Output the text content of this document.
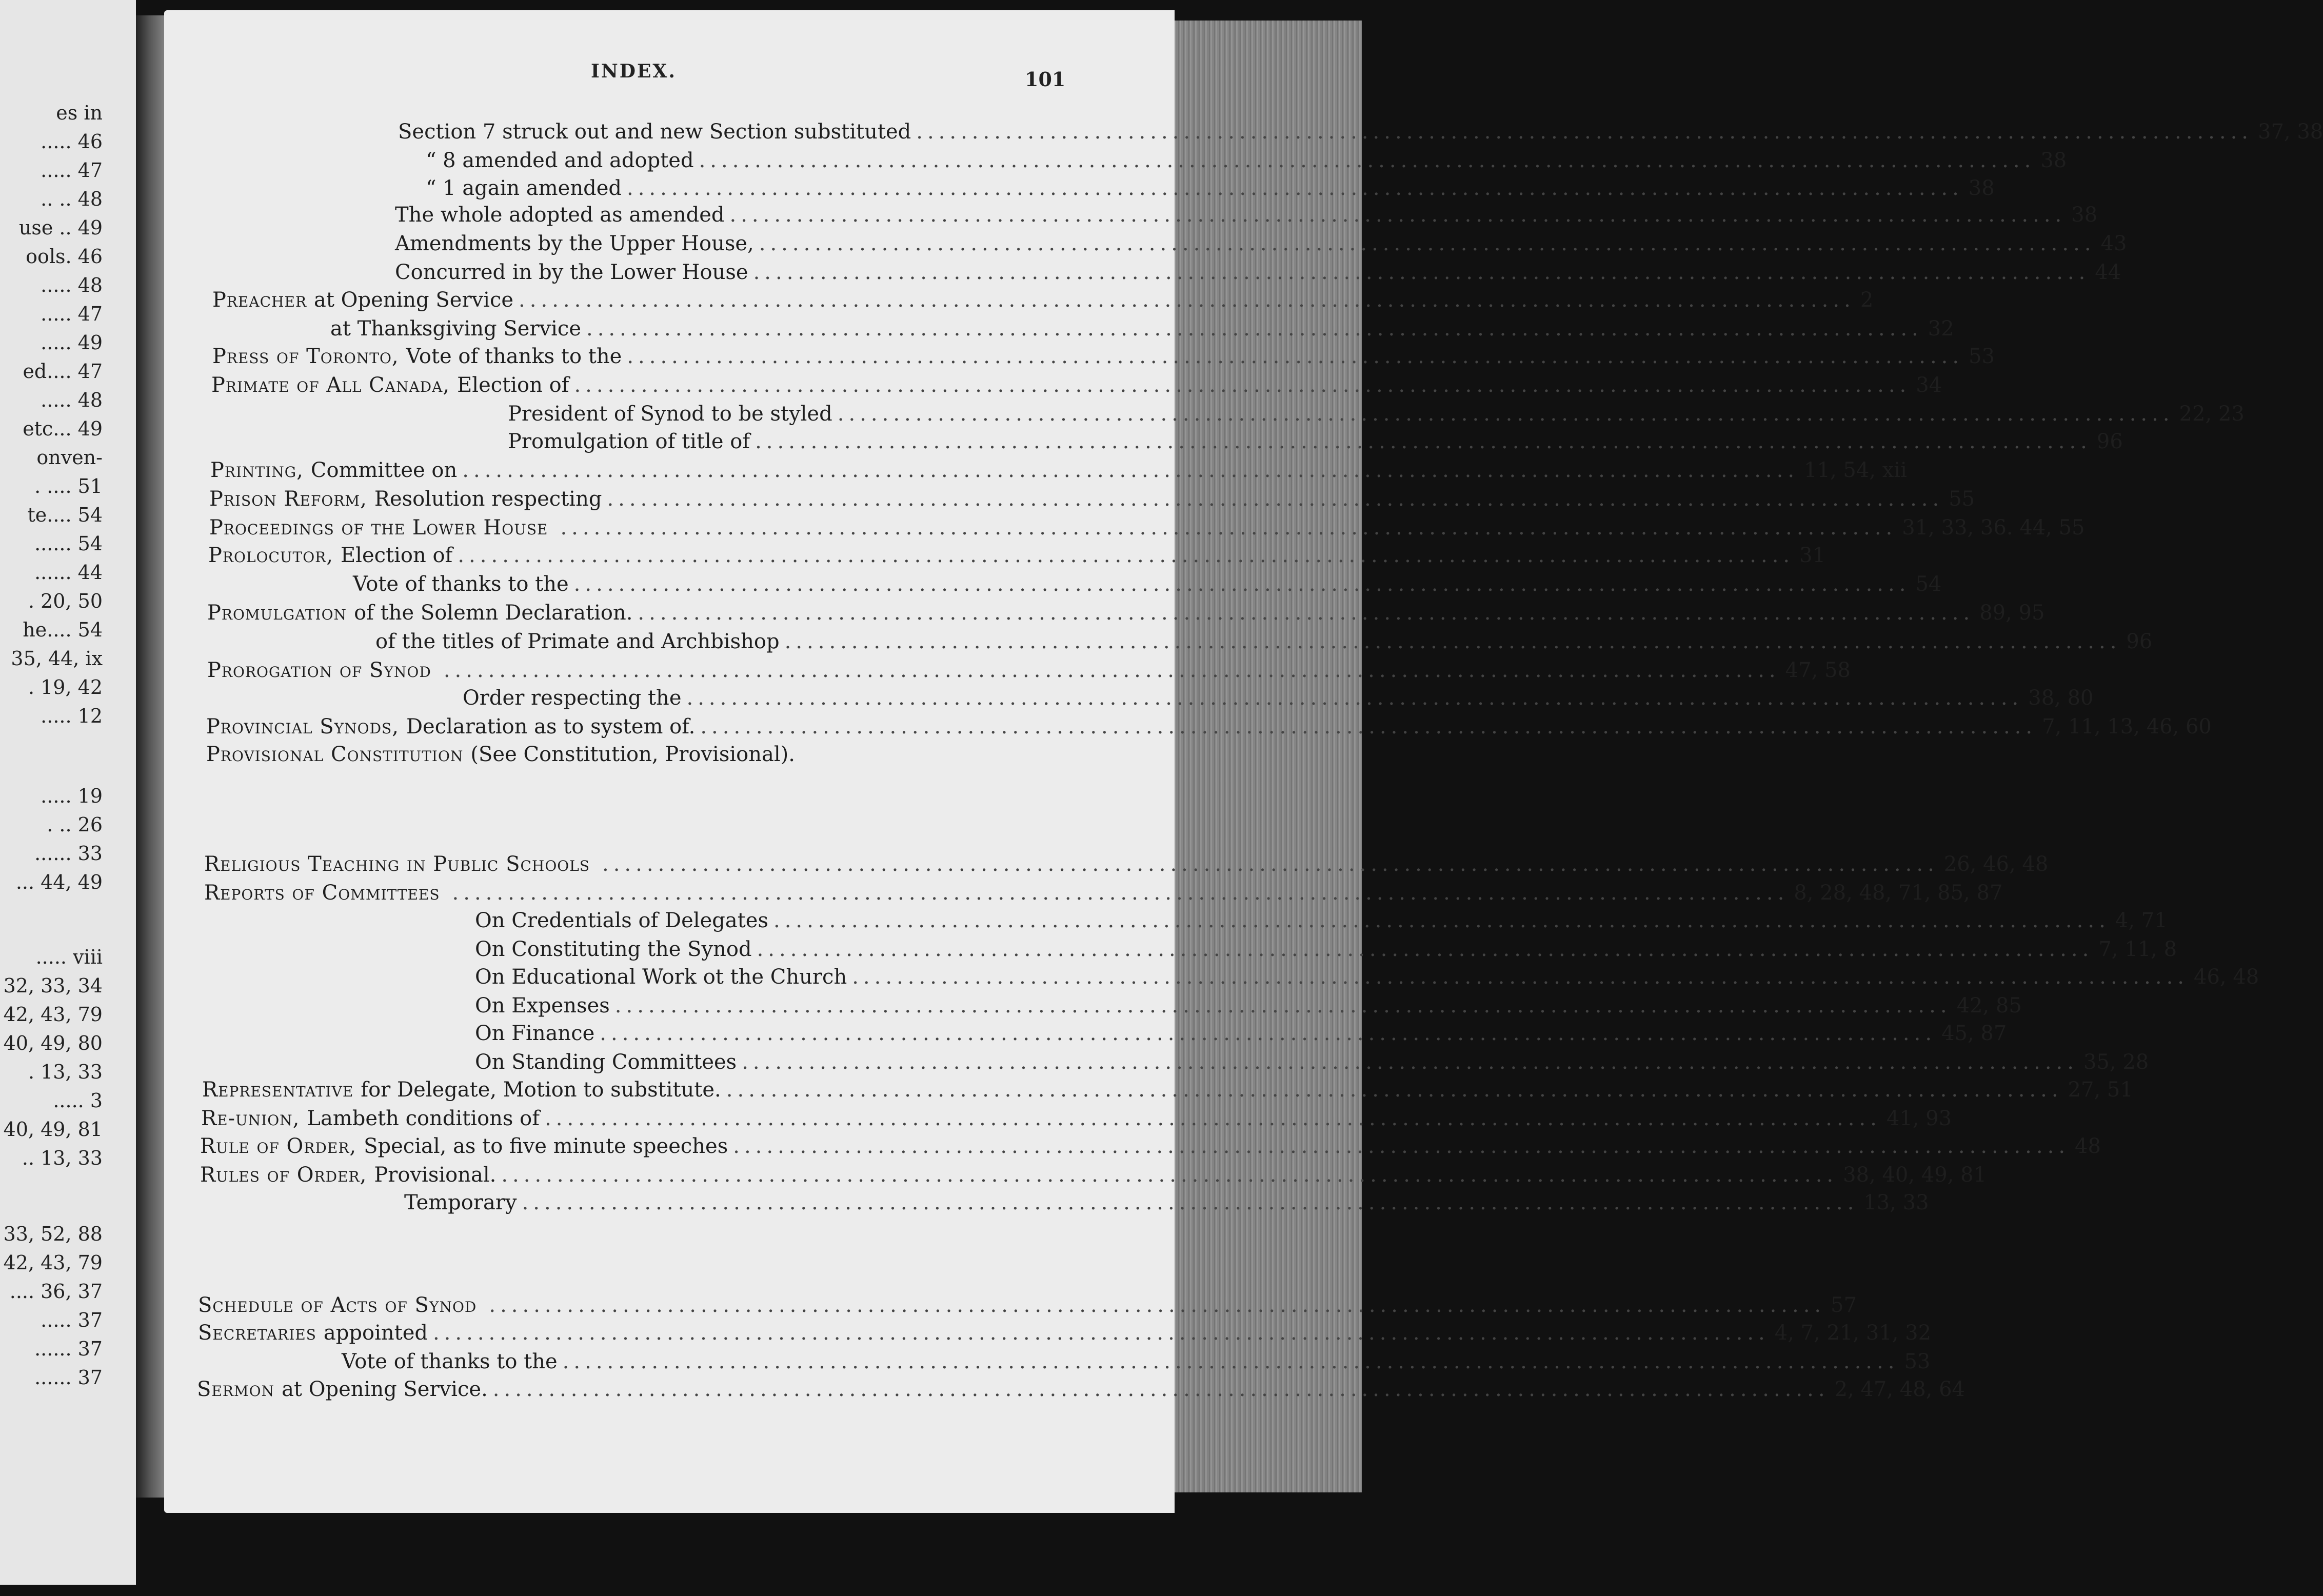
es in
..... 46
..... 47
.. .. 48
use .. 49
ools. 46
..... 48
..... 47
..... 49
ed.... 47
..... 48
etc... 49
onven-
. .... 51
te.... 54
...... 54
...... 44
. 20, 50
he.... 54
35, 44, ix
. 19, 42
..... 12
..... 19
. .. 26
...... 33
... 44, 49
..... viii
32, 33, 34
42, 43, 79
40, 49, 80
. 13, 33
..... 3
40, 49, 81
.. 13, 33
33, 52, 88
42, 43, 79
.... 36, 37
..... 37
...... 37
...... 37
INDEX.	101
Section 7 struck out and new Section substituted ........................................................................................................................ 37, 38
“ 8 amended and adopted ........................................................................................................................ 38
“ 1 again amended ........................................................................................................................ 38
The whole adopted as amended ........................................................................................................................ 38
Amendments by the Upper House, ........................................................................................................................ 43
Concurred in by the Lower House ........................................................................................................................ 44
Preacher at Opening Service ........................................................................................................................ 2
at Thanksgiving Service ........................................................................................................................ 32
Press of Toronto, Vote of thanks to the ........................................................................................................................ 53
Primate of All Canada, Election of ........................................................................................................................ 34
President of Synod to be styled ........................................................................................................................ 22, 23
Promulgation of title of ........................................................................................................................ 96
Printing, Committee on ........................................................................................................................ 11, 54, xii
Prison Reform, Resolution respecting ........................................................................................................................ 55
Proceedings of the Lower House ........................................................................................................................ 31, 33, 36. 44, 55
Prolocutor, Election of ........................................................................................................................ 31
Vote of thanks to the ........................................................................................................................ 54
Promulgation of the Solemn Declaration. ........................................................................................................................ 89, 95
of the titles of Primate and Archbishop ........................................................................................................................ 96
Prorogation of Synod ........................................................................................................................ 47, 58
Order respecting the ........................................................................................................................ 38, 80
Provincial Synods, Declaration as to system of. ........................................................................................................................ 7, 11, 13, 46, 60
Provisional Constitution (See Constitution, Provisional).
Religious Teaching in Public Schools ........................................................................................................................ 26, 46, 48
Reports of Committees ........................................................................................................................ 8, 28, 48, 71, 85, 87
On Credentials of Delegates ........................................................................................................................ 4, 71
On Constituting the Synod ........................................................................................................................ 7, 11, 8
On Educational Work ot the Church ........................................................................................................................ 46, 48
On Expenses ........................................................................................................................ 42, 85
On Finance ........................................................................................................................ 45, 87
On Standing Committees ........................................................................................................................ 35, 28
Representative for Delegate, Motion to substitute. ........................................................................................................................ 27, 51
Re-union, Lambeth conditions of ........................................................................................................................ 41, 93
Rule of Order, Special, as to five minute speeches ........................................................................................................................ 48
Rules of Order, Provisional. ........................................................................................................................ 38, 40, 49, 81
Temporary ........................................................................................................................ 13, 33
Schedule of Acts of Synod ........................................................................................................................ 57
Secretaries appointed ........................................................................................................................ 4, 7, 21, 31, 32
Vote of thanks to the ........................................................................................................................ 53
Sermon at Opening Service. ........................................................................................................................ 2, 47, 48, 64
